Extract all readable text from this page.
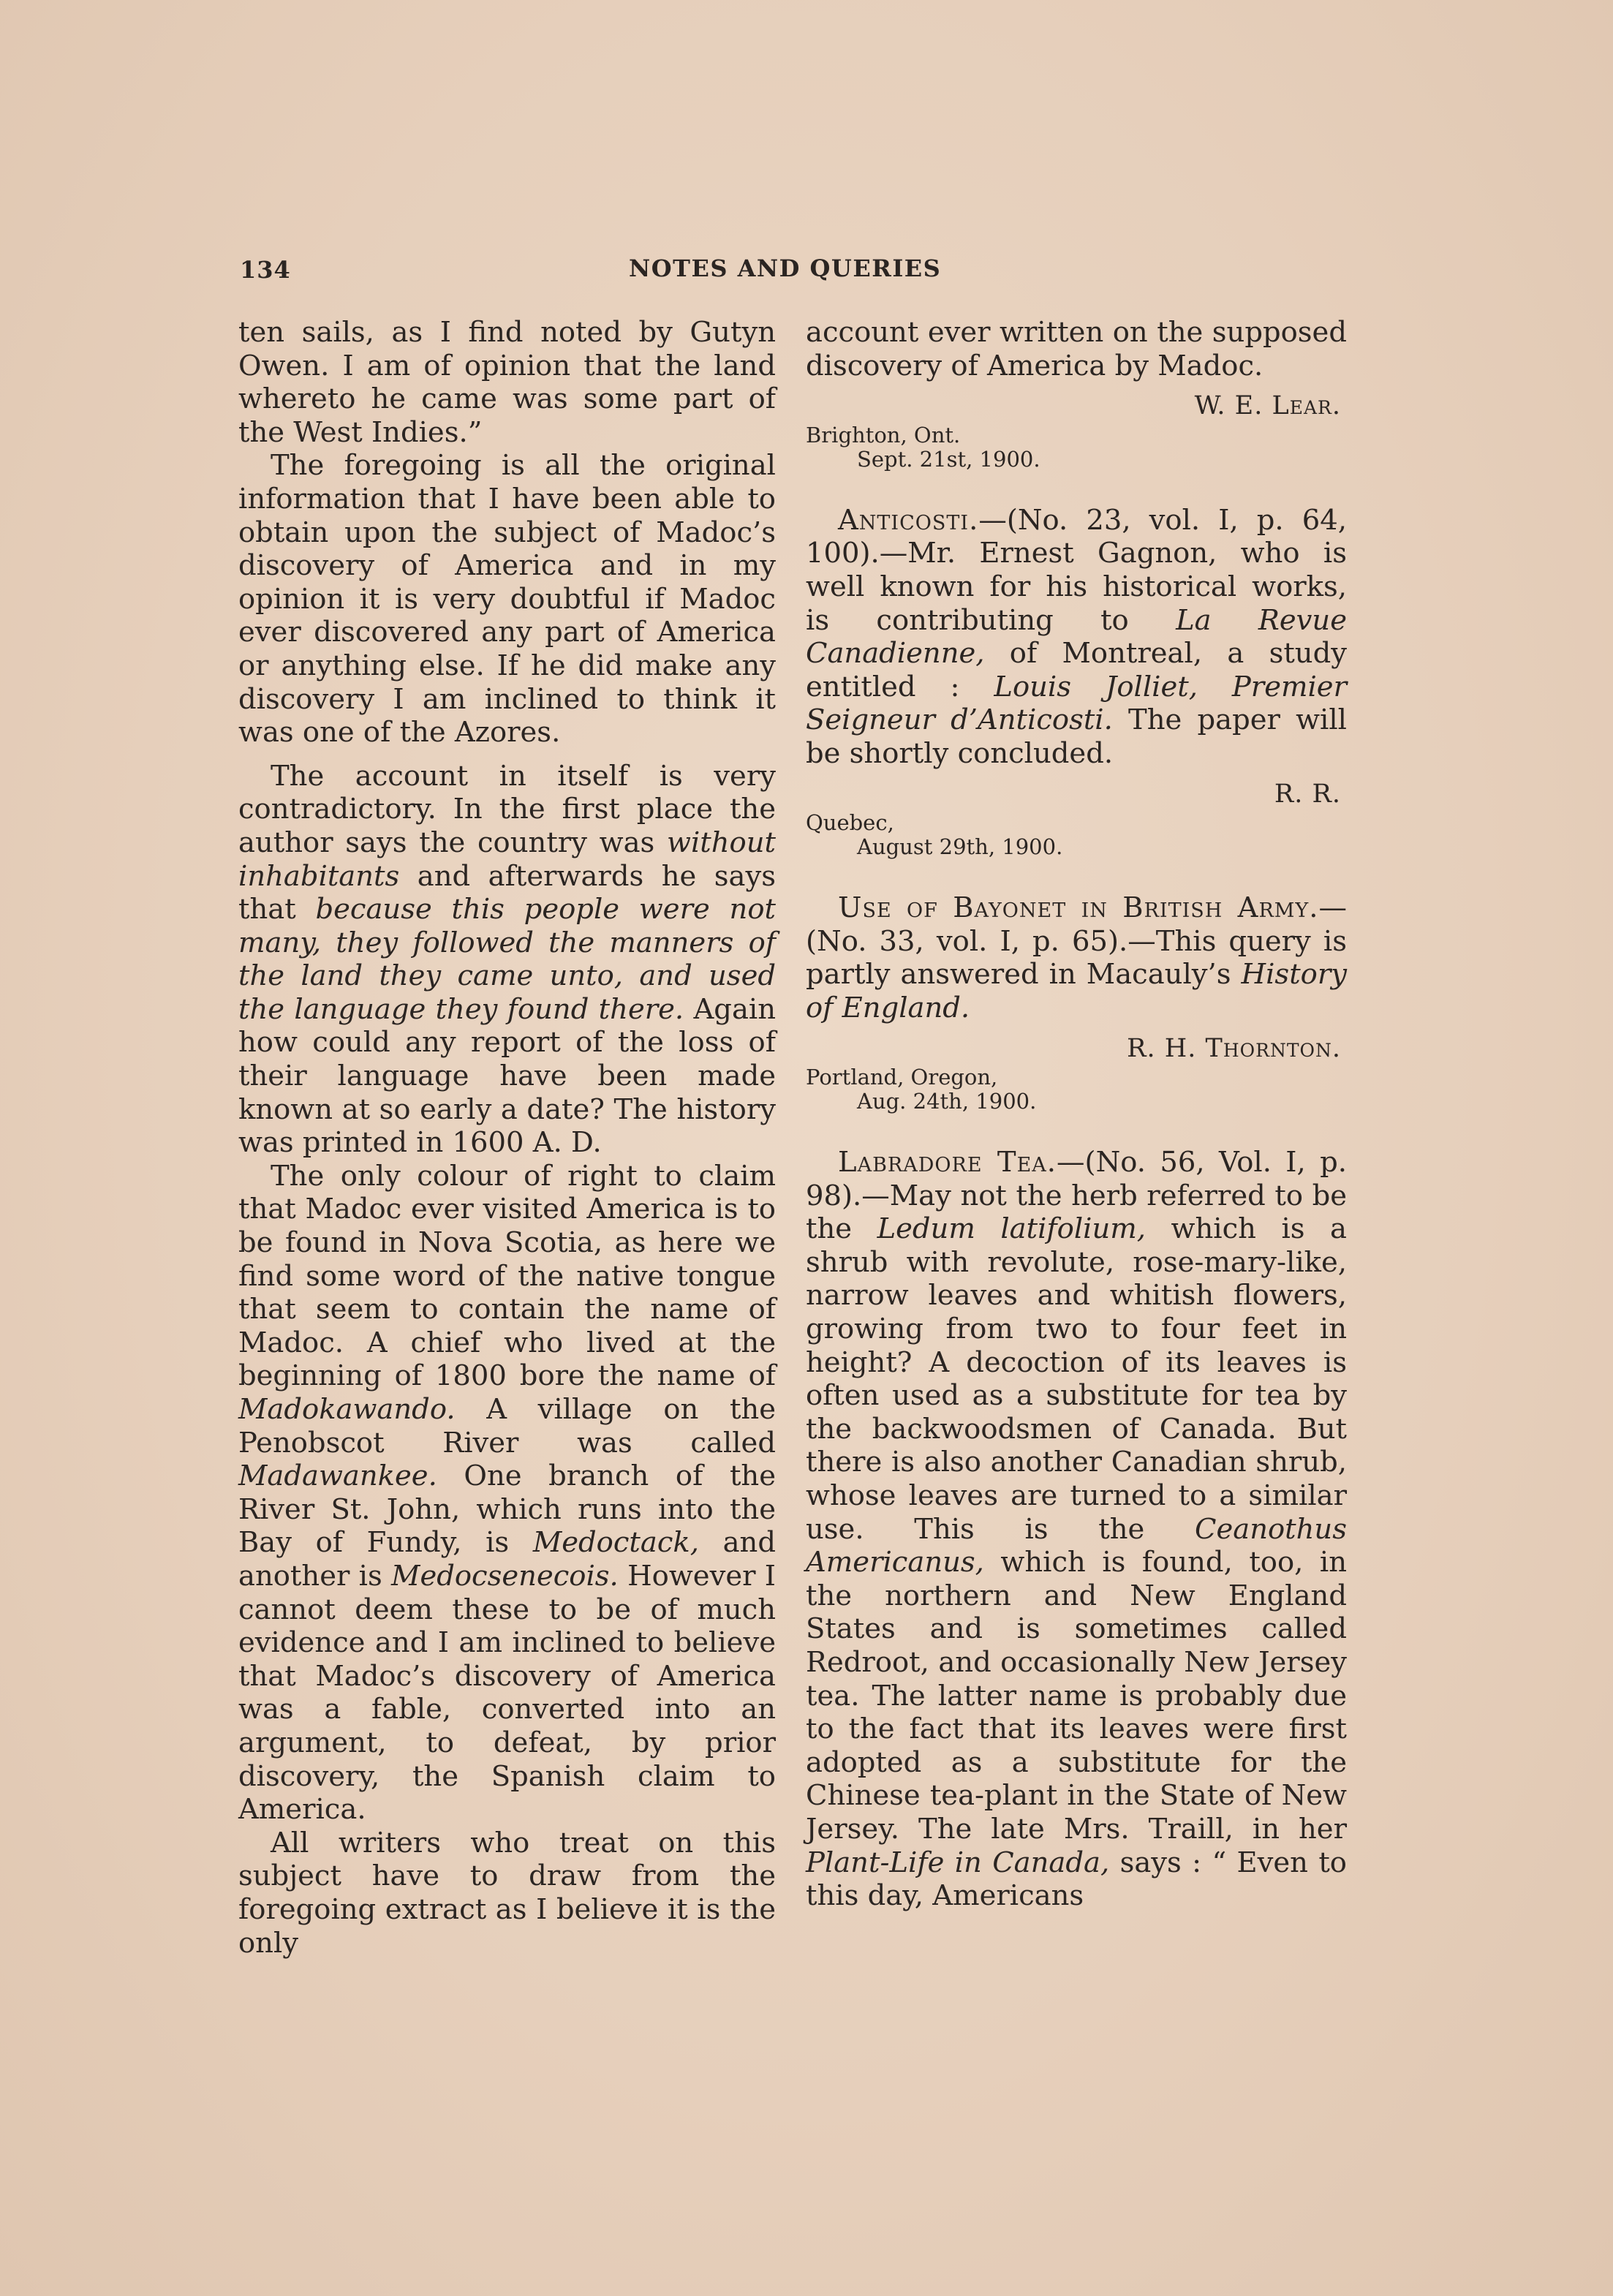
134	NOTES AND QUERIES

ten sails, as I find noted by Gutyn Owen. I am of opinion that the land whereto he came was some part of the West Indies.”

The foregoing is all the original information that I have been able to obtain upon the subject of Madoc’s discovery of America and in my opinion it is very doubtful if Madoc ever discovered any part of America or anything else. If he did make any discovery I am inclined to think it was one of the Azores.

The account in itself is very contradictory. In the first place the author says the country was without inhabitants and afterwards he says that because this people were not many, they followed the manners of the land they came unto, and used the language they found there. Again how could any report of the loss of their language have been made known at so early a date? The history was printed in 1600 A. D.

The only colour of right to claim that Madoc ever visited America is to be found in Nova Scotia, as here we find some word of the native tongue that seem to contain the name of Madoc. A chief who lived at the beginning of 1800 bore the name of Madokawando. A village on the Penobscot River was called Madawankee. One branch of the River St. John, which runs into the Bay of Fundy, is Medoctack, and another is Medocsenecois. However I cannot deem these to be of much evidence and I am inclined to believe that Madoc’s discovery of America was a fable, converted into an argument, to defeat, by prior discovery, the Spanish claim to America.

All writers who treat on this subject have to draw from the foregoing extract as I believe it is the only

account ever written on the supposed discovery of America by Madoc.

W. E. Lear.

Brighton, Ont.
Sept. 21st, 1900.

Anticosti.—(No. 23, vol. I, p. 64, 100).—Mr. Ernest Gagnon, who is well known for his historical works, is contributing to La Revue Canadienne, of Montreal, a study entitled : Louis Jolliet, Premier Seigneur d’Anticosti. The paper will be shortly concluded.

R. R.

Quebec,
August 29th, 1900.

Use of Bayonet in British Army.—(No. 33, vol. I, p. 65).—This query is partly answered in Macauly’s History of England.

R. H. Thornton.

Portland, Oregon,
Aug. 24th, 1900.

Labradore Tea.—(No. 56, Vol. I, p. 98).—May not the herb referred to be the Ledum latifolium, which is a shrub with revolute, rose-mary-like, narrow leaves and whitish flowers, growing from two to four feet in height? A decoction of its leaves is often used as a substitute for tea by the backwoodsmen of Canada. But there is also another Canadian shrub, whose leaves are turned to a similar use. This is the Ceanothus Americanus, which is found, too, in the northern and New England States and is sometimes called Redroot, and occasionally New Jersey tea. The latter name is probably due to the fact that its leaves were first adopted as a substitute for the Chinese tea-plant in the State of New Jersey. The late Mrs. Traill, in her Plant-Life in Canada, says : “ Even to this day, Americans
